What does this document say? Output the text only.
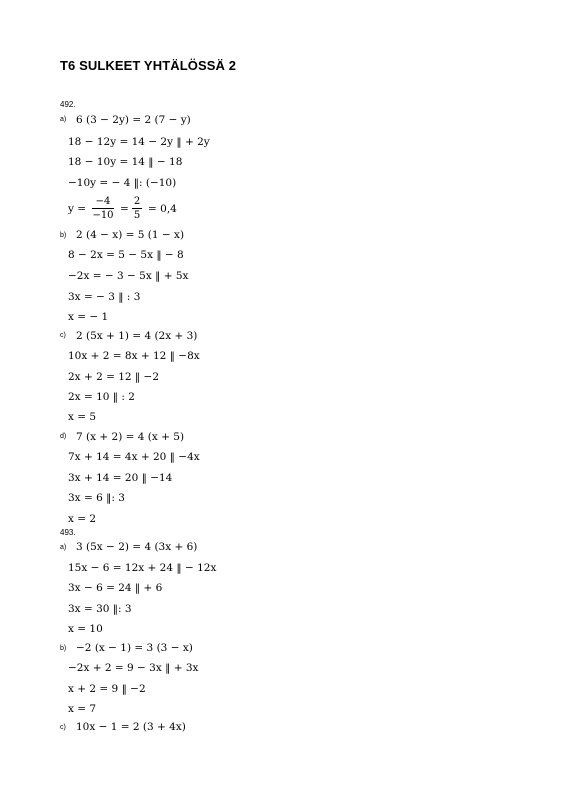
T6 SULKEET YHTÄLÖSSÄ 2
492.
a) 6 (3 − 2y) = 2 (7 − y)
18 − 12y = 14 − 2y ‖ + 2y
18 − 10y = 14 ‖ − 18
−10y = − 4 ‖: (−10)
y =
−4
−10
=
2
5
= 0,4
b) 2 (4 − x) = 5 (1 − x)
8 − 2x = 5 − 5x ‖ − 8
−2x = − 3 − 5x ‖ + 5x
3x = − 3 ‖ : 3
x = − 1
c) 2 (5x + 1) = 4 (2x + 3)
10x + 2 = 8x + 12 ‖ −8x
2x + 2 = 12 ‖ −2
2x = 10 ‖ : 2
x = 5
d) 7 (x + 2) = 4 (x + 5)
7x + 14 = 4x + 20 ‖ −4x
3x + 14 = 20 ‖ −14
3x = 6 ‖: 3
x = 2
493.
a) 3 (5x − 2) = 4 (3x + 6)
15x − 6 = 12x + 24 ‖ − 12x
3x − 6 = 24 ‖ + 6
3x = 30 ‖: 3
x = 10
b) −2 (x − 1) = 3 (3 − x)
−2x + 2 = 9 − 3x ‖ + 3x
x + 2 = 9 ‖ −2
x = 7
c) 10x − 1 = 2 (3 + 4x)
